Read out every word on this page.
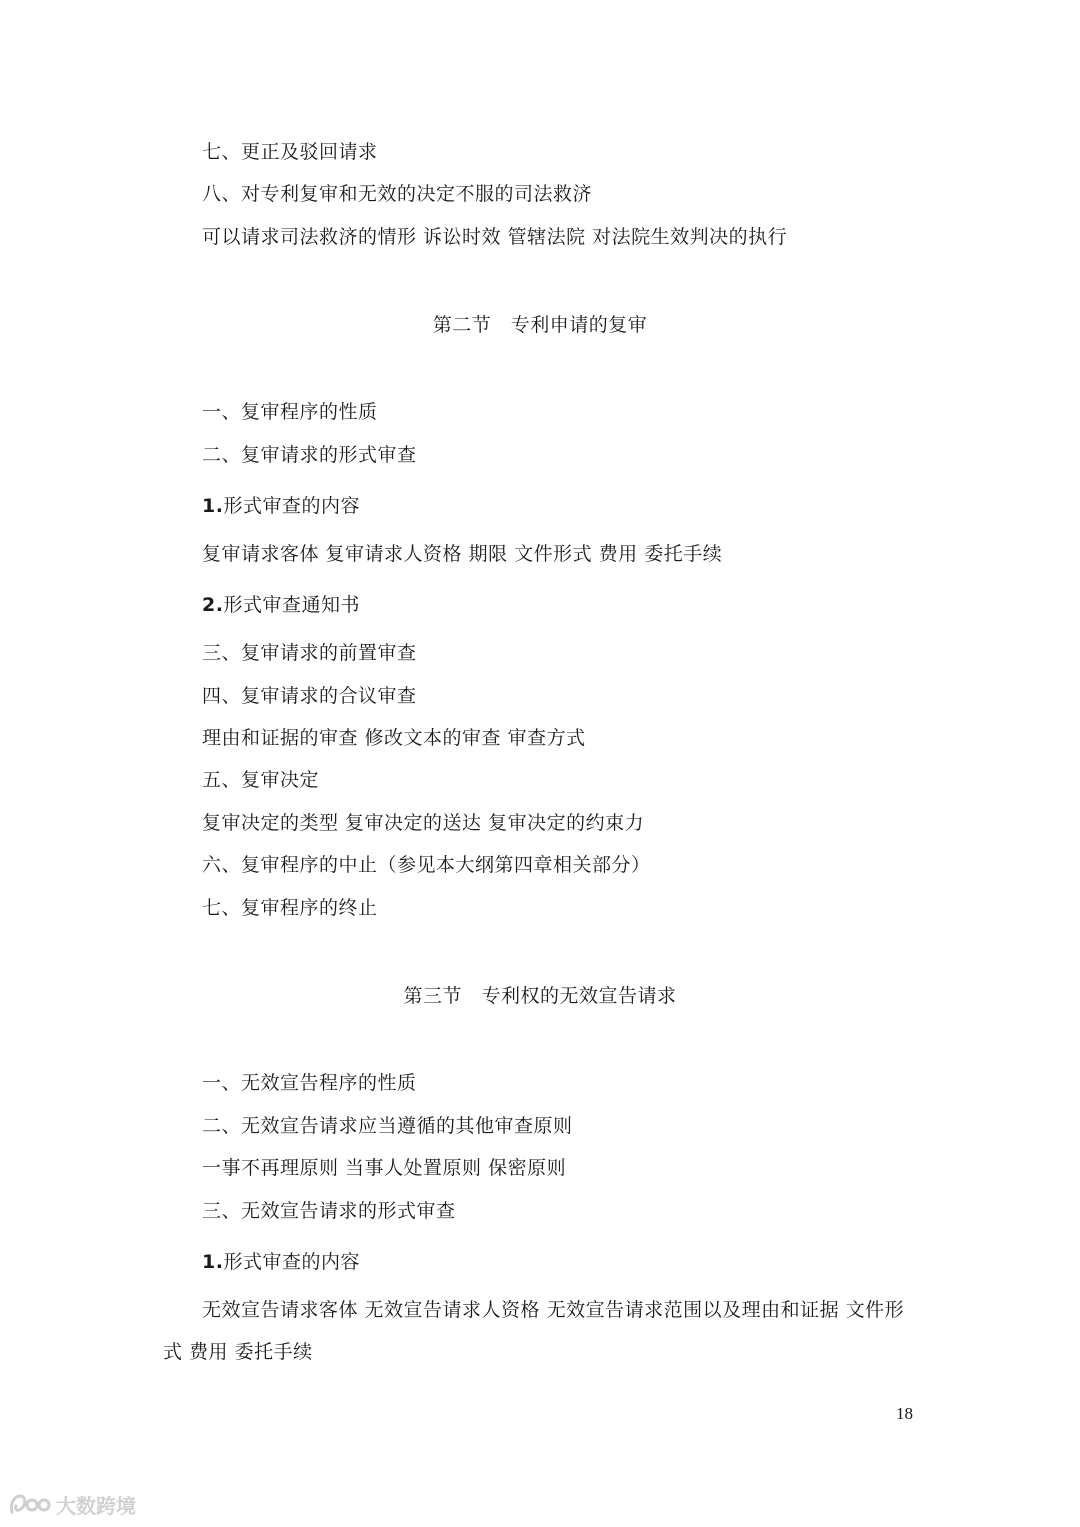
七、更正及驳回请求
八、对专利复审和无效的决定不服的司法救济
可以请求司法救济的情形 诉讼时效 管辖法院 对法院生效判决的执行
第二节　专利申请的复审
一、复审程序的性质
二、复审请求的形式审查
1.形式审查的内容
复审请求客体 复审请求人资格 期限 文件形式 费用 委托手续
2.形式审查通知书
三、复审请求的前置审查
四、复审请求的合议审查
理由和证据的审查 修改文本的审查 审查方式
五、复审决定
复审决定的类型 复审决定的送达 复审决定的约束力
六、复审程序的中止（参见本大纲第四章相关部分）
七、复审程序的终止
第三节　专利权的无效宣告请求
一、无效宣告程序的性质
二、无效宣告请求应当遵循的其他审查原则
一事不再理原则 当事人处置原则 保密原则
三、无效宣告请求的形式审查
1.形式审查的内容
无效宣告请求客体 无效宣告请求人资格 无效宣告请求范围以及理由和证据 文件形
式 费用 委托手续
18
大数跨境
